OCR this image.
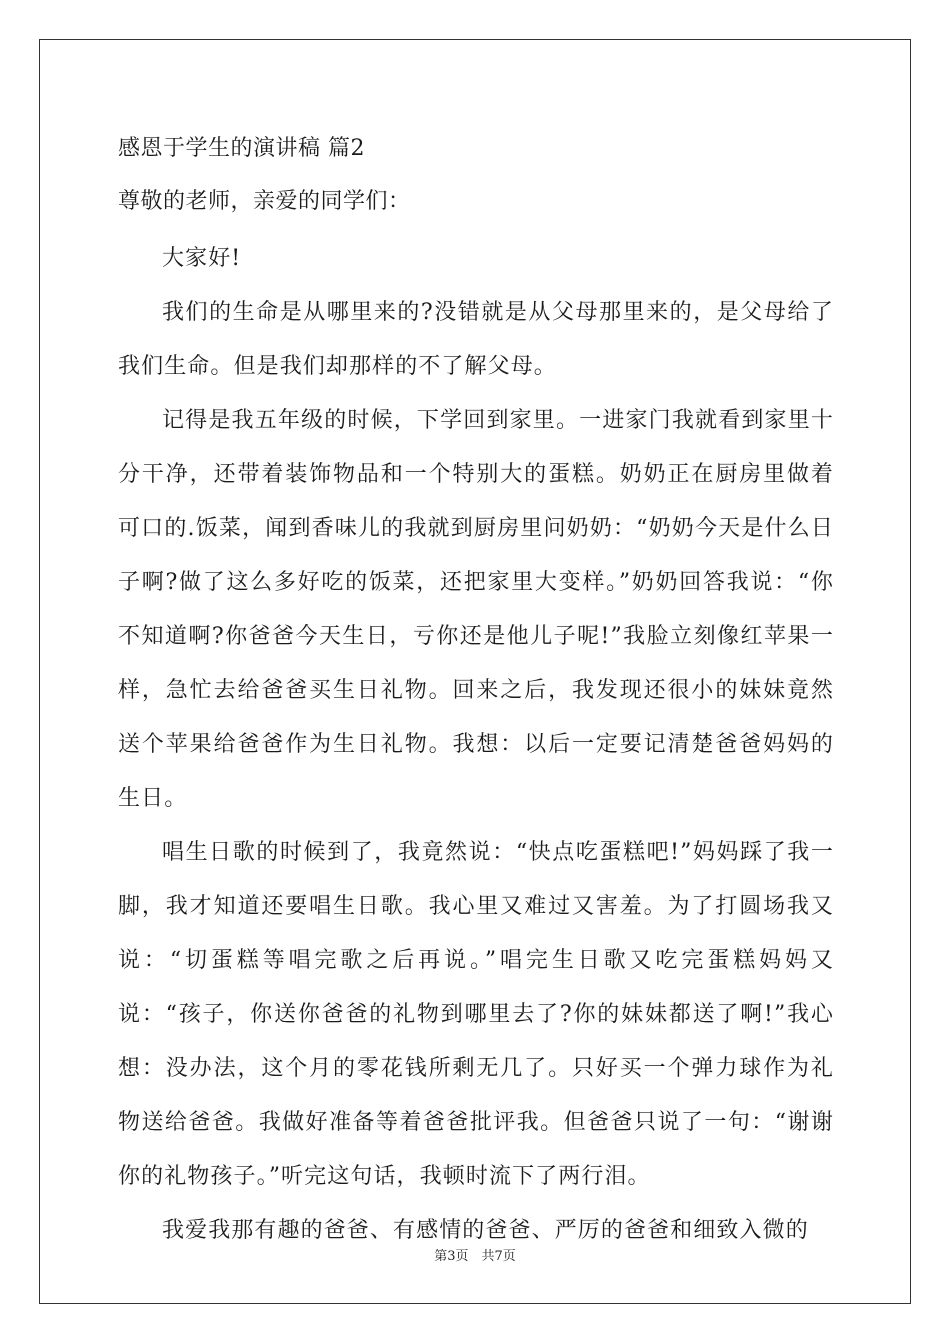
感恩于学生的演讲稿 篇2
尊敬的老师，亲爱的同学们：

大家好!

我们的生命是从哪里来的?没错就是从父母那里来的，是父母给了我们生命。但是我们却那样的不了解父母。

记得是我五年级的时候，下学回到家里。一进家门我就看到家里十分干净，还带着装饰物品和一个特别大的蛋糕。奶奶正在厨房里做着可口的.饭菜，闻到香味儿的我就到厨房里问奶奶：“奶奶今天是什么日子啊?做了这么多好吃的饭菜，还把家里大变样。”奶奶回答我说：“你不知道啊?你爸爸今天生日，亏你还是他儿子呢!”我脸立刻像红苹果一样，急忙去给爸爸买生日礼物。回来之后，我发现还很小的妹妹竟然送个苹果给爸爸作为生日礼物。我想：以后一定要记清楚爸爸妈妈的生日。

唱生日歌的时候到了，我竟然说：“快点吃蛋糕吧!”妈妈踩了我一脚，我才知道还要唱生日歌。我心里又难过又害羞。为了打圆场我又说：“切蛋糕等唱完歌之后再说。”唱完生日歌又吃完蛋糕妈妈又说：“孩子，你送你爸爸的礼物到哪里去了?你的妹妹都送了啊!”我心想：没办法，这个月的零花钱所剩无几了。只好买一个弹力球作为礼物送给爸爸。我做好准备等着爸爸批评我。但爸爸只说了一句：“谢谢你的礼物孩子。”听完这句话，我顿时流下了两行泪。

我爱我那有趣的爸爸、有感情的爸爸、严厉的爸爸和细致入微的

第3页　共7页
